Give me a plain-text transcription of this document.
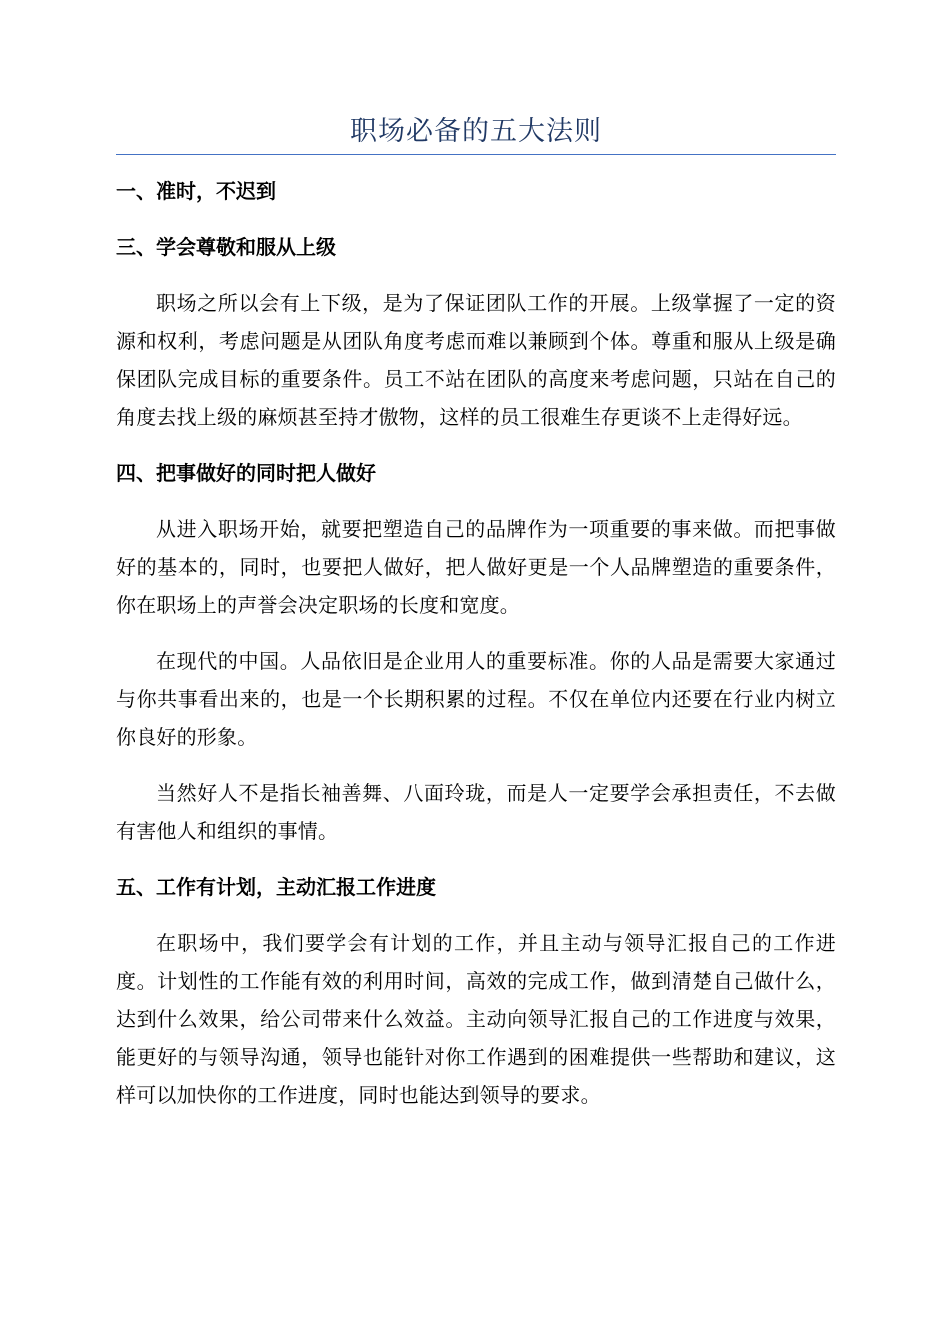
职场必备的五大法则
一、准时，不迟到
三、学会尊敬和服从上级

职场之所以会有上下级，是为了保证团队工作的开展。上级掌握了一定的资源和权利，考虑问题是从团队角度考虑而难以兼顾到个体。尊重和服从上级是确保团队完成目标的重要条件。员工不站在团队的高度来考虑问题，只站在自己的角度去找上级的麻烦甚至持才傲物，这样的员工很难生存更谈不上走得好远。

四、把事做好的同时把人做好

从进入职场开始，就要把塑造自己的品牌作为一项重要的事来做。而把事做好的基本的，同时，也要把人做好，把人做好更是一个人品牌塑造的重要条件，你在职场上的声誉会决定职场的长度和宽度。

在现代的中国。人品依旧是企业用人的重要标准。你的人品是需要大家通过与你共事看出来的，也是一个长期积累的过程。不仅在单位内还要在行业内树立你良好的形象。

当然好人不是指长袖善舞、八面玲珑，而是人一定要学会承担责任，不去做有害他人和组织的事情。

五、工作有计划，主动汇报工作进度

在职场中，我们要学会有计划的工作，并且主动与领导汇报自己的工作进度。计划性的工作能有效的利用时间，高效的完成工作，做到清楚自己做什么，达到什么效果，给公司带来什么效益。主动向领导汇报自己的工作进度与效果，能更好的与领导沟通，领导也能针对你工作遇到的困难提供一些帮助和建议，这样可以加快你的工作进度，同时也能达到领导的要求。
